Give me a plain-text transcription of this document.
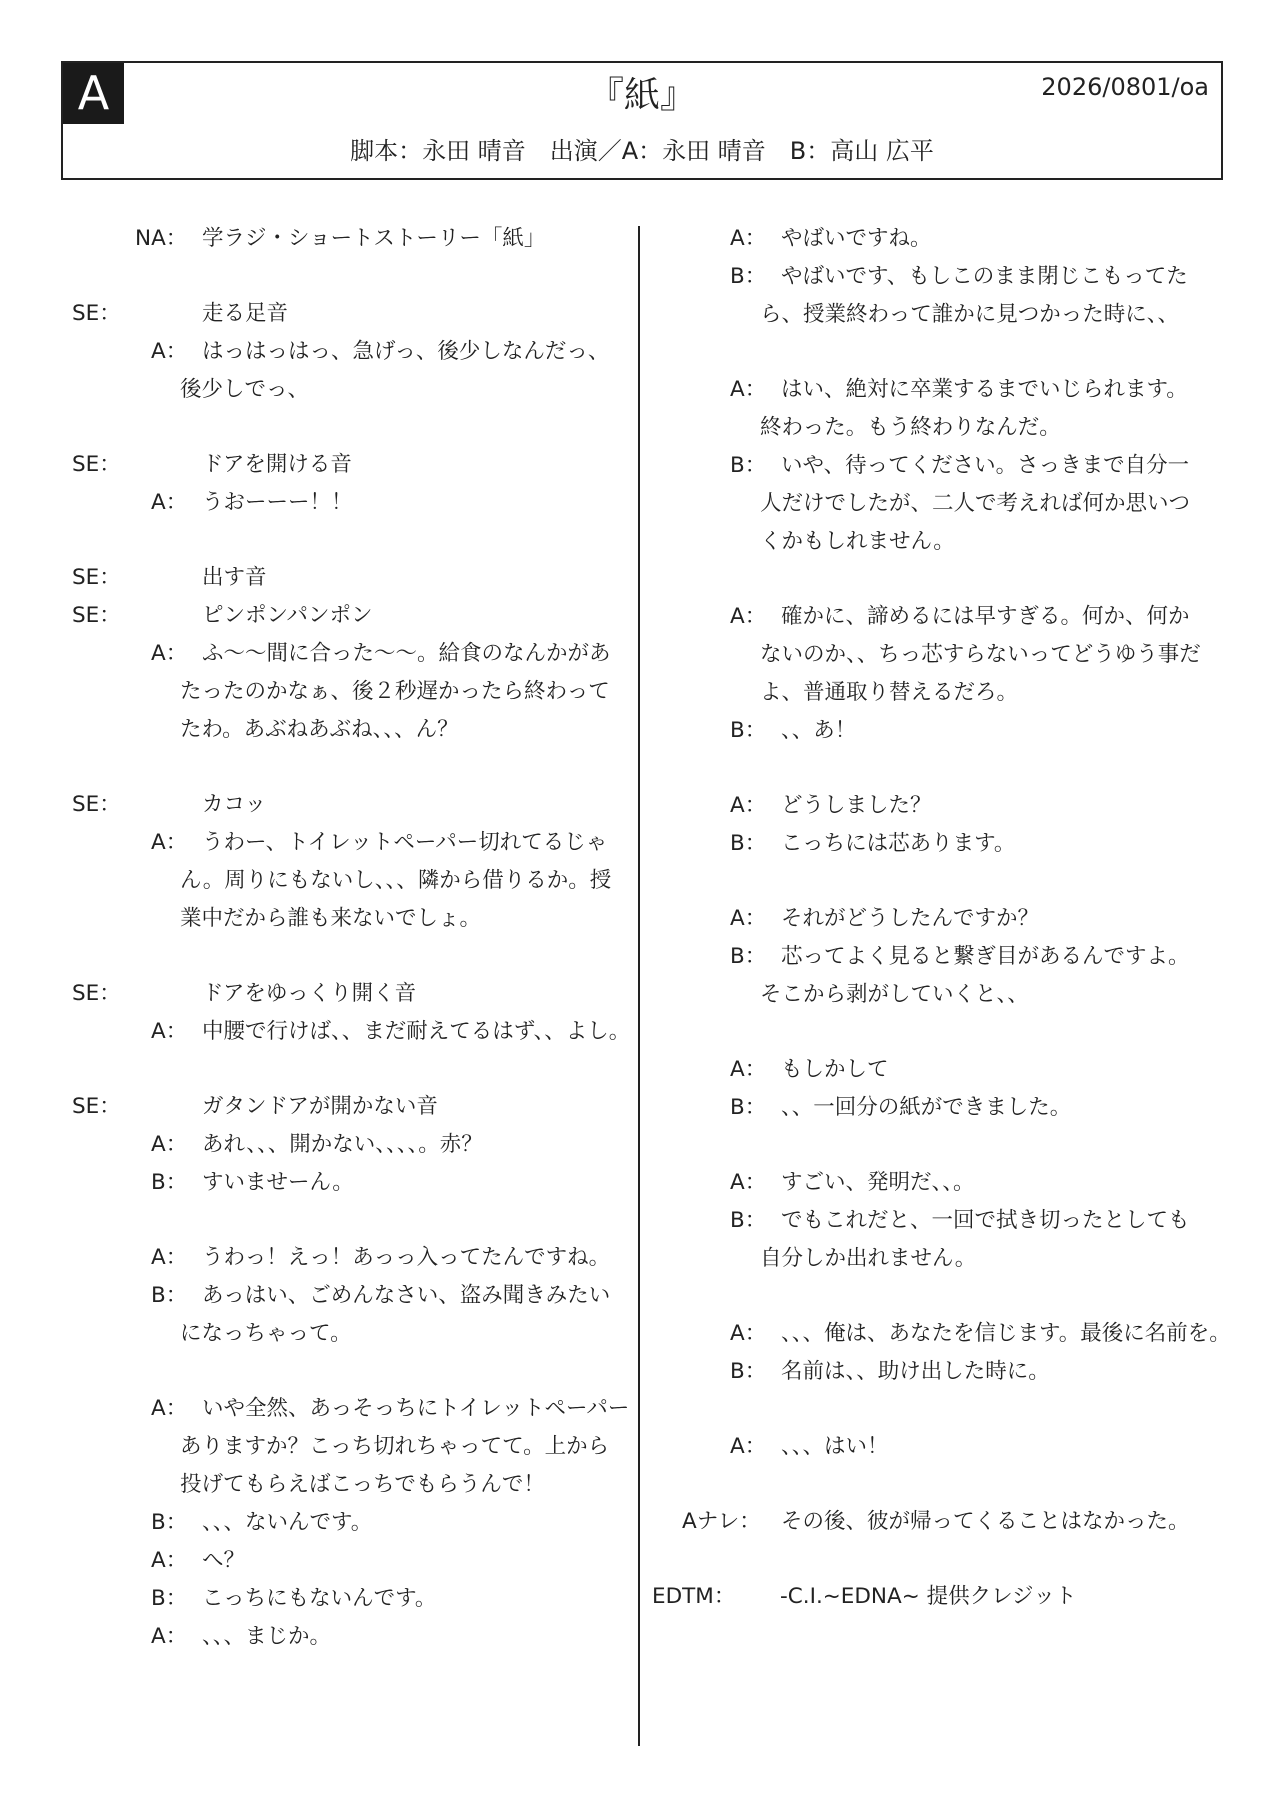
A	『紙』	2026/0801/oa
脚本：永田 晴音　出演／A：永田 晴音　B：高山 広平
NA： 学ラジ・ショートストーリー「紙」
SE：	走る足音
A： はっはっはっ、急げっ、後少しなんだっ、
後少しでっ、
SE：	ドアを開ける音
A： うおーーー！！
SE：	出す音
SE：	ピンポンパンポン
A： ふ〜〜間に合った〜〜。給食のなんかがあ
たったのかなぁ、後２秒遅かったら終わって
たわ。あぶねあぶね、、、ん？
SE：	カコッ
A： うわー、トイレットペーパー切れてるじゃ
ん。周りにもないし、、、隣から借りるか。授
業中だから誰も来ないでしょ。
SE：	ドアをゆっくり開く音
A： 中腰で行けば、、まだ耐えてるはず、、よし。
SE：	ガタンドアが開かない音
A： あれ、、、開かない、、、、。赤？
B： すいませーん。
A： うわっ！えっ！あっっ入ってたんですね。
B： あっはい、ごめんなさい、盗み聞きみたい
になっちゃって。
A： いや全然、あっそっちにトイレットペーパー
ありますか？こっち切れちゃってて。上から
投げてもらえばこっちでもらうんで！
B： 、、、ないんです。
A： へ？
B： こっちにもないんです。
A： 、、、まじか。
A： やばいですね。
B： やばいです、もしこのまま閉じこもってた
ら、授業終わって誰かに見つかった時に、、
A： はい、絶対に卒業するまでいじられます。
終わった。もう終わりなんだ。
B： いや、待ってください。さっきまで自分一
人だけでしたが、二人で考えれば何か思いつ
くかもしれません。
A： 確かに、諦めるには早すぎる。何か、何か
ないのか、、ちっ芯すらないってどうゆう事だ
よ、普通取り替えるだろ。
B： 、、あ！
A： どうしました？
B： こっちには芯あります。
A： それがどうしたんですか？
B： 芯ってよく見ると繋ぎ目があるんですよ。
そこから剥がしていくと、、
A： もしかして
B： 、、一回分の紙ができました。
A： すごい、発明だ、、。
B： でもこれだと、一回で拭き切ったとしても
自分しか出れません。
A： 、、、俺は、あなたを信じます。最後に名前を。
B： 名前は、、助け出した時に。
A： 、、、はい！
Aナレ： その後、彼が帰ってくることはなかった。
EDTM： -C.I.~EDNA~ 提供クレジット
